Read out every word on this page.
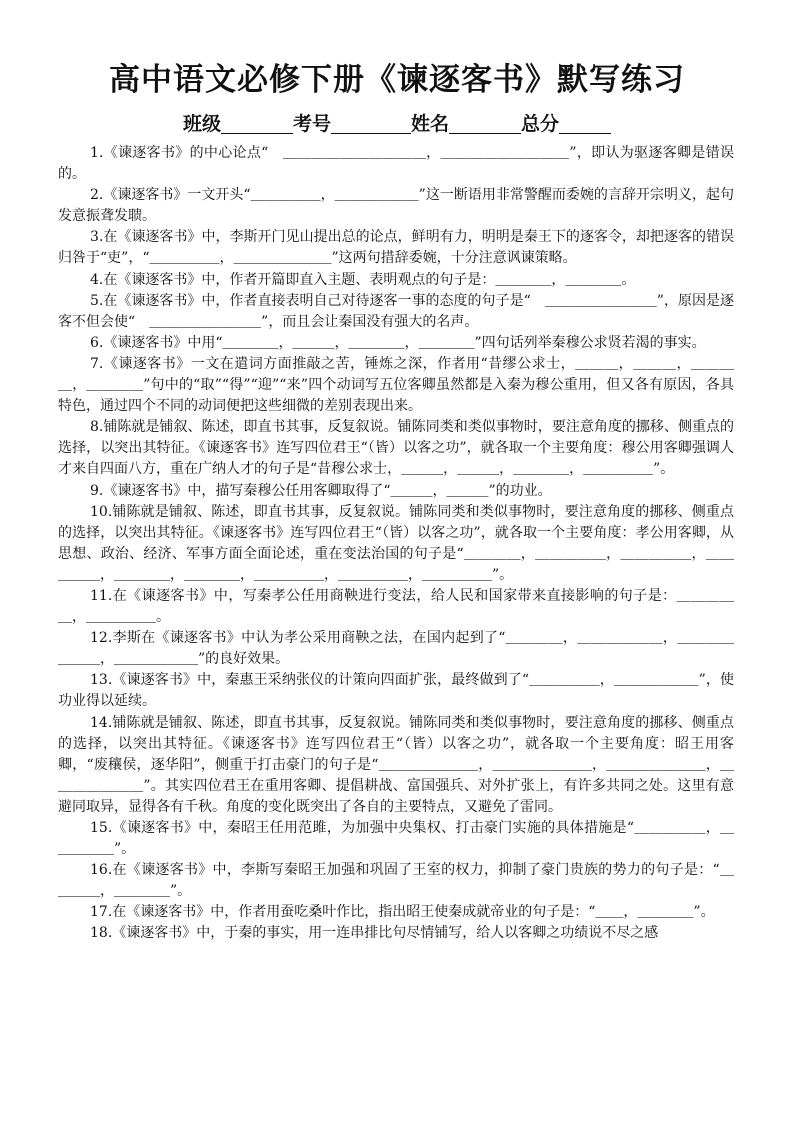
高中语文必修下册《谏逐客书》默写练习
班级	考号	姓名	总分

1.《谏逐客书》的中心论点“　＿＿＿＿＿＿＿＿＿＿，＿＿＿＿＿＿＿＿＿”，即认为驱逐客卿是错误的。

2.《谏逐客书》一文开头“＿＿＿＿＿，＿＿＿＿＿＿”这一断语用非常警醒而委婉的言辞开宗明义，起句发意振聋发聩。

3.在《谏逐客书》中，李斯开门见山提出总的论点，鲜明有力，明明是秦王下的逐客令，却把逐客的错误归咎于“吏”，“＿＿＿＿＿，＿＿＿＿＿＿＿”这两句措辞委婉，十分注意讽谏策略。

4.在《谏逐客书》中，作者开篇即直入主题、表明观点的句子是：＿＿＿＿，＿＿＿＿。

5.在《谏逐客书》中，作者直接表明自己对待逐客一事的态度的句子是“　＿＿＿＿＿＿＿＿”，原因是逐客不但会使“　＿＿＿＿＿＿＿＿”，而且会让秦国没有强大的名声。

6.《谏逐客书》中用“＿＿＿＿，＿＿＿，＿＿＿＿，＿＿＿＿”四句话列举秦穆公求贤若渴的事实。

7.《谏逐客书》一文在遣词方面推敲之苦，锤炼之深，作者用“昔缪公求士，＿＿＿，＿＿＿，＿＿＿＿，＿＿＿＿”句中的“取”“得”“迎”“来”四个动词写五位客卿虽然都是入秦为穆公重用，但又各有原因，各具特色，通过四个不同的动词便把这些细微的差别表现出来。

8.铺陈就是铺叙、陈述，即直书其事，反复叙说。铺陈同类和类似事物时，要注意角度的挪移、侧重点的选择，以突出其特征。《谏逐客书》连写四位君王“（皆）以客之功”，就各取一个主要角度：穆公用客卿强调人才来自四面八方，重在广纳人才的句子是“昔穆公求士，＿＿＿，＿＿＿，＿＿＿＿，＿＿＿＿＿”。

9.《谏逐客书》中，描写秦穆公任用客卿取得了“＿＿＿，＿＿＿”的功业。

10.铺陈就是铺叙、陈述，即直书其事，反复叙说。铺陈同类和类似事物时，要注意角度的挪移、侧重点的选择，以突出其特征。《谏逐客书》连写四位君王“（皆）以客之功”，就各取一个主要角度：孝公用客卿，从思想、政治、经济、军事方面全面论述，重在变法治国的句子是“＿＿＿＿，＿＿＿＿＿，＿＿＿＿＿，＿＿＿＿＿，＿＿＿＿，＿＿＿＿，＿＿＿＿＿，＿＿＿＿＿，＿＿＿＿＿”。

11.在《谏逐客书》中，写秦孝公任用商鞅进行变法，给人民和国家带来直接影响的句子是：＿＿＿＿＿，＿＿＿＿＿。

12.李斯在《谏逐客书》中认为孝公采用商鞅之法，在国内起到了“＿＿＿＿，＿＿＿＿＿＿，＿＿＿＿＿＿＿，＿＿＿＿＿＿”的良好效果。

13.《谏逐客书》中，秦惠王采纳张仪的计策向四面扩张，最终做到了“＿＿＿＿＿，＿＿＿＿＿＿”，使功业得以延续。

14.铺陈就是铺叙、陈述，即直书其事，反复叙说。铺陈同类和类似事物时，要注意角度的挪移、侧重点的选择，以突出其特征。《谏逐客书》连写四位君王“（皆）以客之功”，就各取一个主要角度：昭王用客卿，“废穰侯，逐华阳”，侧重于打击豪门的句子是“＿＿＿＿＿＿＿，＿＿＿＿＿＿＿，＿＿＿＿＿＿＿，＿＿＿＿＿＿＿”。其实四位君王在重用客卿、提倡耕战、富国强兵、对外扩张上，有许多共同之处。这里有意避同取异，显得各有千秋。角度的变化既突出了各自的主要特点，又避免了雷同。

15.《谏逐客书》中，秦昭王任用范雎，为加强中央集权、打击豪门实施的具体措施是“＿＿＿＿＿，＿＿＿＿＿”。

16.在《谏逐客书》中，李斯写秦昭王加强和巩固了王室的权力，抑制了豪门贵族的势力的句子是：“＿＿＿＿，＿＿＿＿”。

17.在《谏逐客书》中，作者用蚕吃桑叶作比，指出昭王使秦成就帝业的句子是：“＿＿，＿＿＿＿”。

18.《谏逐客书》中，于秦的事实，用一连串排比句尽情铺写，给人以客卿之功绩说不尽之感
